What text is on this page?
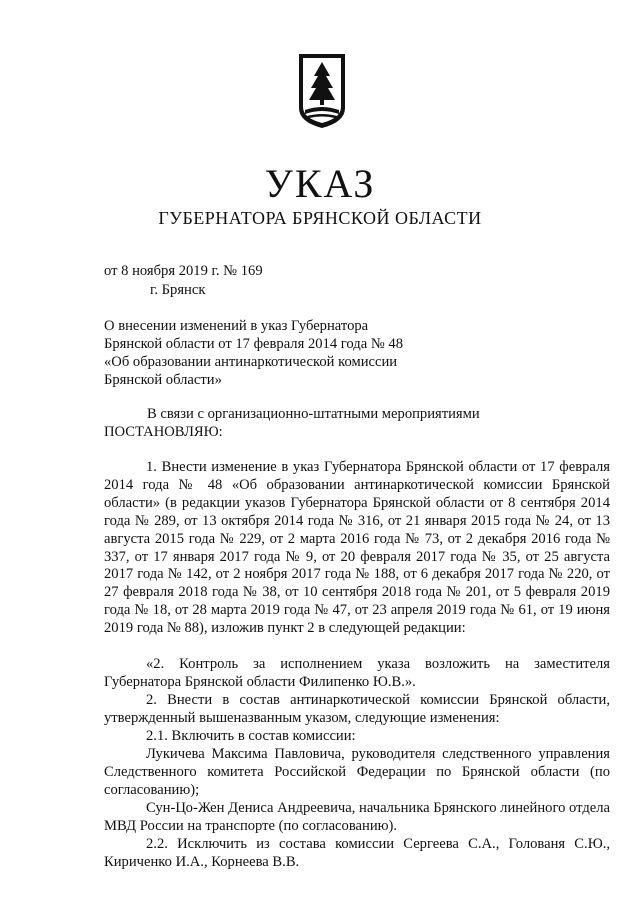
УКАЗ
ГУБЕРНАТОРА БРЯНСКОЙ ОБЛАСТИ
от 8 ноября 2019 г. № 169
г. Брянск
О внесении изменений в указ Губернатора
Брянской области от 17 февраля 2014 года № 48
«Об образовании антинаркотической комиссии
Брянской области»
В связи с организационно-штатными мероприятиями
ПОСТАНОВЛЯЮ:

1. Внести изменение в указ Губернатора Брянской области от 17 февраля 2014 года № 48 «Об образовании антинаркотической комиссии Брянской области» (в редакции указов Губернатора Брянской области от 8 сентября 2014 года № 289, от 13 октября 2014 года № 316, от 21 января 2015 года № 24, от 13 августа 2015 года № 229, от 2 марта 2016 года № 73, от 2 декабря 2016 года № 337, от 17 января 2017 года № 9, от 20 февраля 2017 года № 35, от 25 августа 2017 года № 142, от 2 ноября 2017 года № 188, от 6 декабря 2017 года № 220, от 27 февраля 2018 года № 38, от 10 сентября 2018 года № 201, от 5 февраля 2019 года № 18, от 28 марта 2019 года № 47, от 23 апреля 2019 года № 61, от 19 июня 2019 года № 88), изложив пункт 2 в следующей редакции:

«2. Контроль за исполнением указа возложить на заместителя Губернатора Брянской области Филипенко Ю.В.».

2. Внести в состав антинаркотической комиссии Брянской области, утвержденный вышеназванным указом, следующие изменения:

2.1. Включить в состав комиссии:

Лукичева Максима Павловича, руководителя следственного управления Следственного комитета Российской Федерации по Брянской области (по согласованию);

Сун-Цо-Жен Дениса Андреевича, начальника Брянского линейного отдела МВД России на транспорте (по согласованию).

2.2. Исключить из состава комиссии Сергеева С.А., Голованя С.Ю., Кириченко И.А., Корнеева В.В.
